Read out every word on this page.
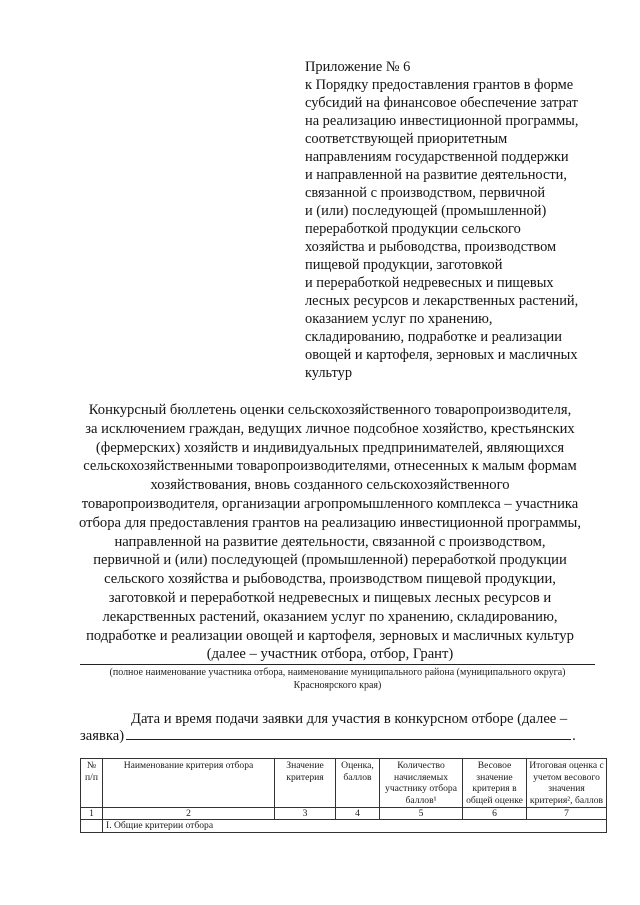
Приложение № 6
к Порядку предоставления грантов в форме
субсидий на финансовое обеспечение затрат
на реализацию инвестиционной программы,
соответствующей приоритетным
направлениям государственной поддержки
и направленной на развитие деятельности,
связанной с производством, первичной
и (или) последующей (промышленной)
переработкой продукции сельского
хозяйства и рыбоводства, производством
пищевой продукции, заготовкой
и переработкой недревесных и пищевых
лесных ресурсов и лекарственных растений,
оказанием услуг по хранению,
складированию, подработке и реализации
овощей и картофеля, зерновых и масличных
культур
Конкурсный бюллетень оценки сельскохозяйственного товаропроизводителя,
за исключением граждан, ведущих личное подсобное хозяйство, крестьянских
(фермерских) хозяйств и индивидуальных предпринимателей, являющихся
сельскохозяйственными товаропроизводителями, отнесенных к малым формам
хозяйствования, вновь созданного сельскохозяйственного
товаропроизводителя, организации агропромышленного комплекса – участника
отбора для предоставления грантов на реализацию инвестиционной программы,
направленной на развитие деятельности, связанной с производством,
первичной и (или) последующей (промышленной) переработкой продукции
сельского хозяйства и рыбоводства, производством пищевой продукции,
заготовкой и переработкой недревесных и пищевых лесных ресурсов и
лекарственных растений, оказанием услуг по хранению, складированию,
подработке и реализации овощей и картофеля, зерновых и масличных культур
(далее – участник отбора, отбор, Грант)
(полное наименование участника отбора, наименование муниципального района (муниципального округа)
Красноярского края)
Дата и время подачи заявки для участия в конкурсном отборе (далее –
заявка)	.
№ п/п	Наименование критерия отбора	Значение критерия	Оценка, баллов	Количество начисляемых участнику отбора баллов¹	Весовое значение критерия в общей оценке	Итоговая оценка с учетом весового значения критерия², баллов
1	2	3	4	5	6	7
	I. Общие критерии отбора					
